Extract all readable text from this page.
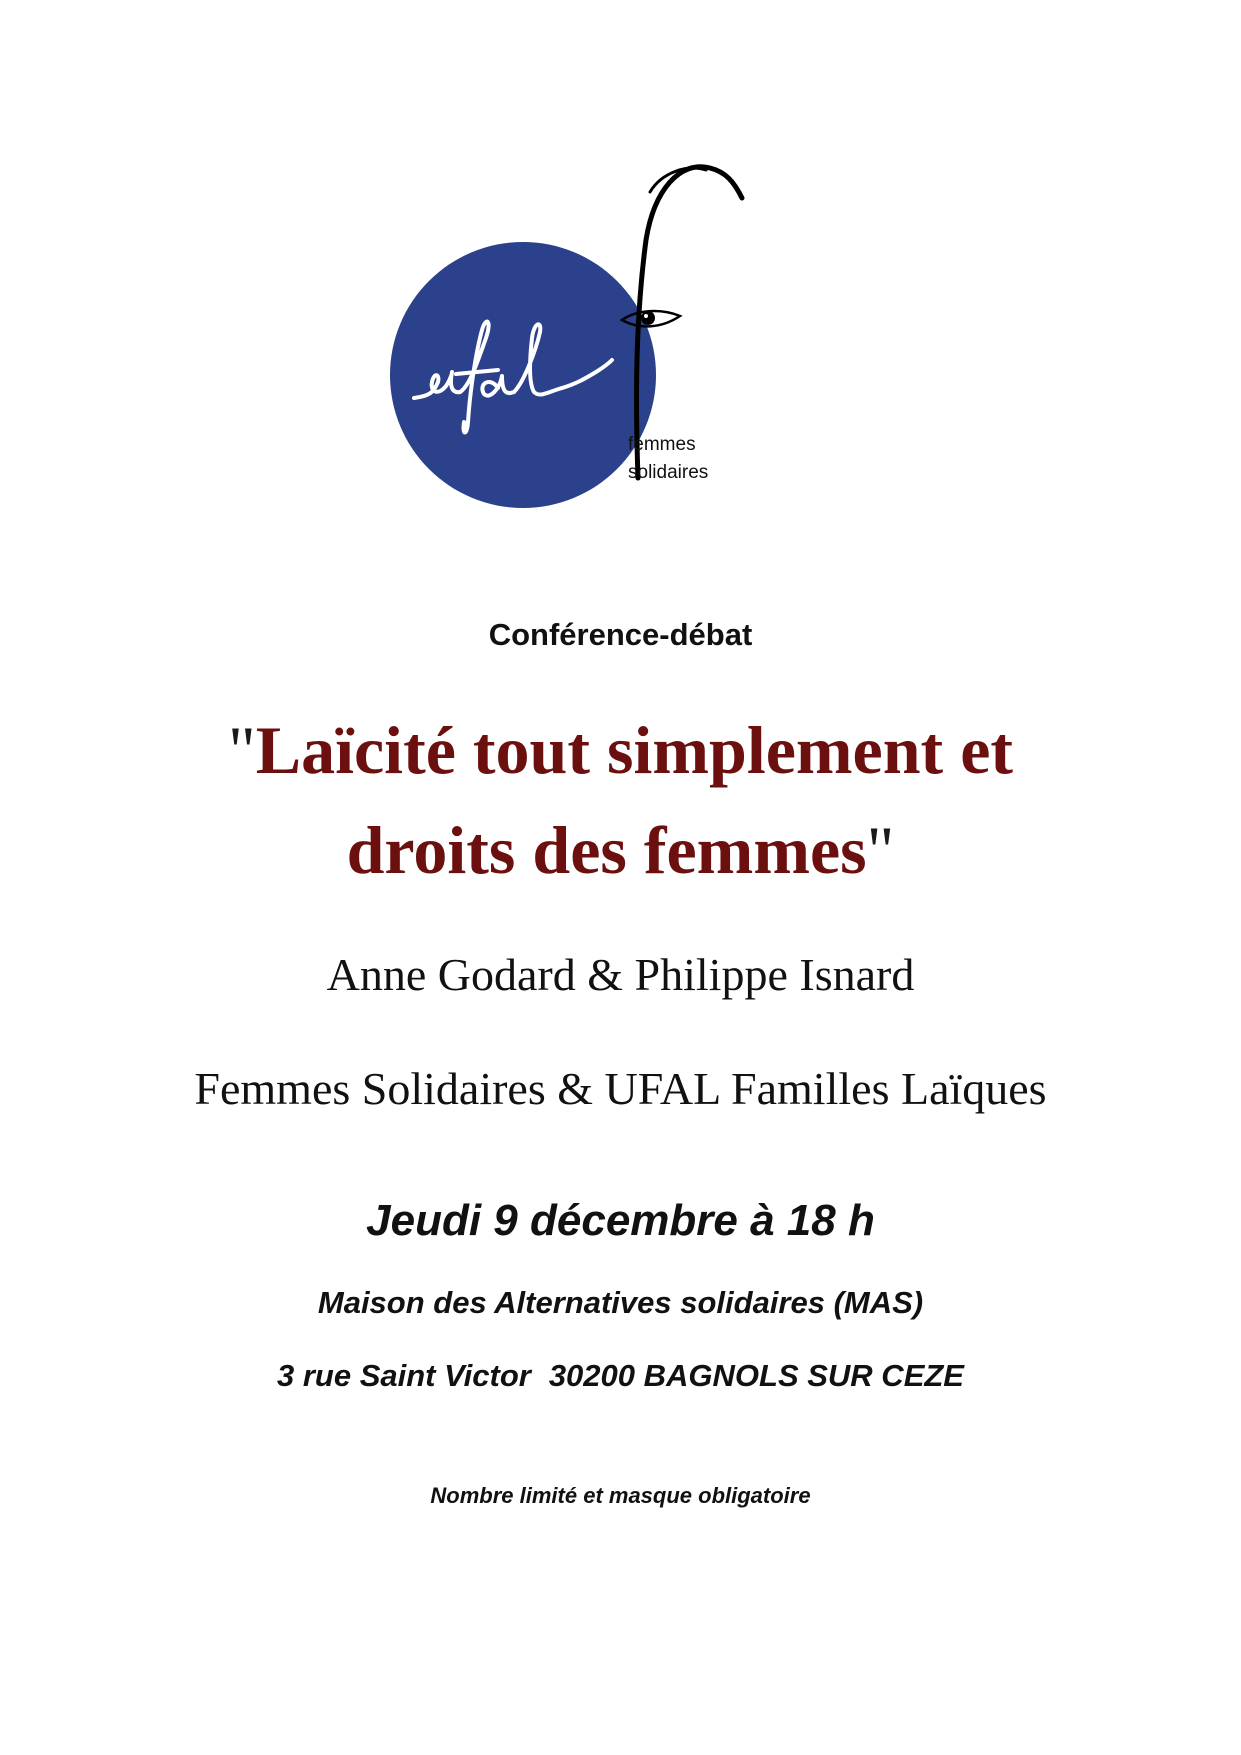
femmes
solidaires

Conférence-débat

"Laïcité tout simplement et
droits des femmes"

Anne Godard & Philippe Isnard

Femmes Solidaires & UFAL Familles Laïques

Jeudi 9 décembre à 18 h

Maison des Alternatives solidaires (MAS)

3 rue Saint Victor 30200 BAGNOLS SUR CEZE

Nombre limité et masque obligatoire
